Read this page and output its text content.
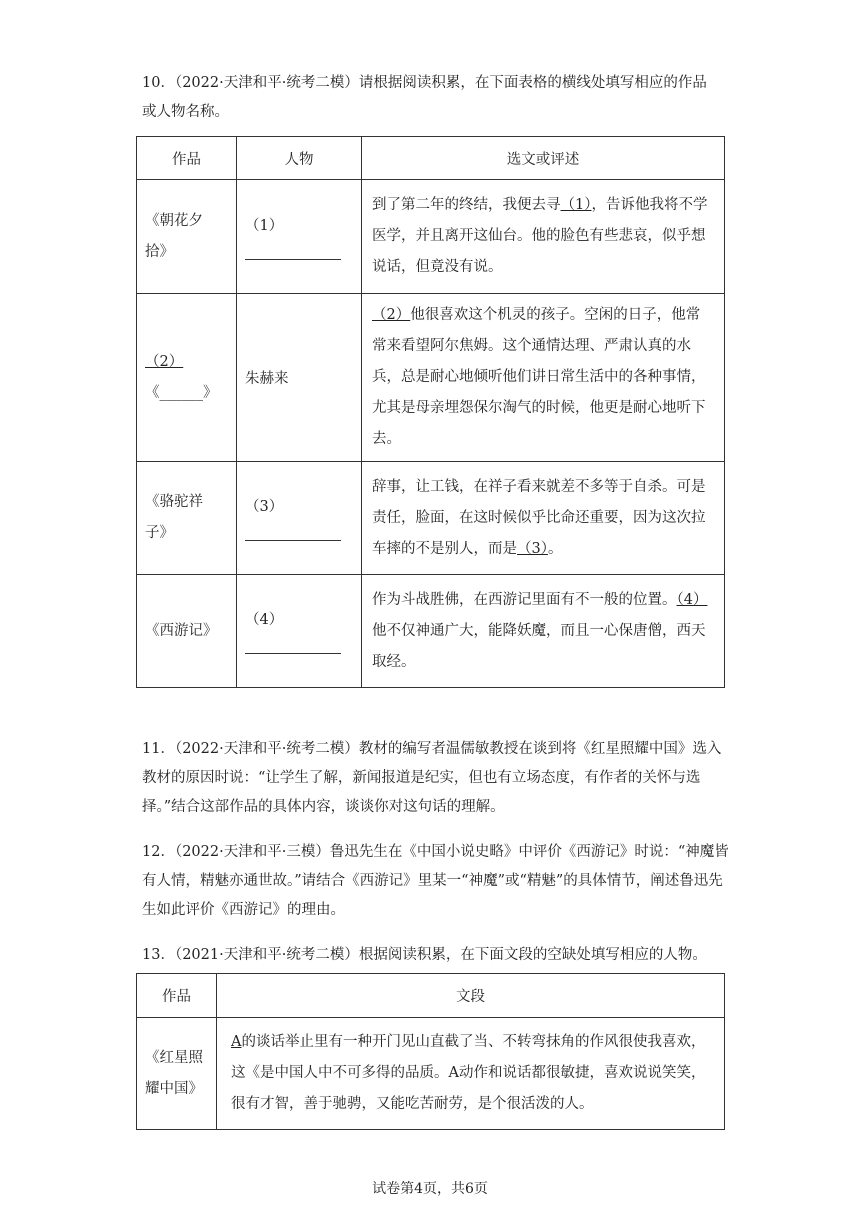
10．（2022·天津和平·统考二模）请根据阅读积累，在下面表格的横线处填写相应的作品
或人物名称。

作品	人物	选文或评述
《朝花夕
拾》	（1）	到了第二年的终结，我便去寻（1），告诉他我将不学医学，并且离开这仙台。他的脸色有些悲哀，似乎想说话，但竟没有说。
（2）
《______》	朱赫来	（2）他很喜欢这个机灵的孩子。空闲的日子，他常常来看望阿尔焦姆。这个通情达理、严肃认真的水兵，总是耐心地倾听他们讲日常生活中的各种事情，尤其是母亲埋怨保尔淘气的时候，他更是耐心地听下去。
《骆驼祥
子》	（3）	辞事，让工钱，在祥子看来就差不多等于自杀。可是责任，脸面，在这时候似乎比命还重要，因为这次拉车摔的不是别人，而是（3）。
《西游记》	（4）	作为斗战胜佛，在西游记里面有不一般的位置。（4）他不仅神通广大，能降妖魔，而且一心保唐僧，西天取经。

11．（2022·天津和平·统考二模）教材的编写者温儒敏教授在谈到将《红星照耀中国》选入教材的原因时说：“让学生了解，新闻报道是纪实，但也有立场态度，有作者的关怀与选择。”结合这部作品的具体内容，谈谈你对这句话的理解。

12．（2022·天津和平·三模）鲁迅先生在《中国小说史略》中评价《西游记》时说：“神魔皆有人情，精魅亦通世故。”请结合《西游记》里某一“神魔”或“精魅”的具体情节，阐述鲁迅先生如此评价《西游记》的理由。

13．（2021·天津和平·统考二模）根据阅读积累，在下面文段的空缺处填写相应的人物。

作品	文段
《红星照
耀中国》	A的谈话举止里有一种开门见山直截了当、不转弯抹角的作风很使我喜欢，这《是中国人中不可多得的品质。A动作和说话都很敏捷，喜欢说说笑笑，很有才智，善于驰骋，又能吃苦耐劳，是个很活泼的人。
试卷第4页，共6页
